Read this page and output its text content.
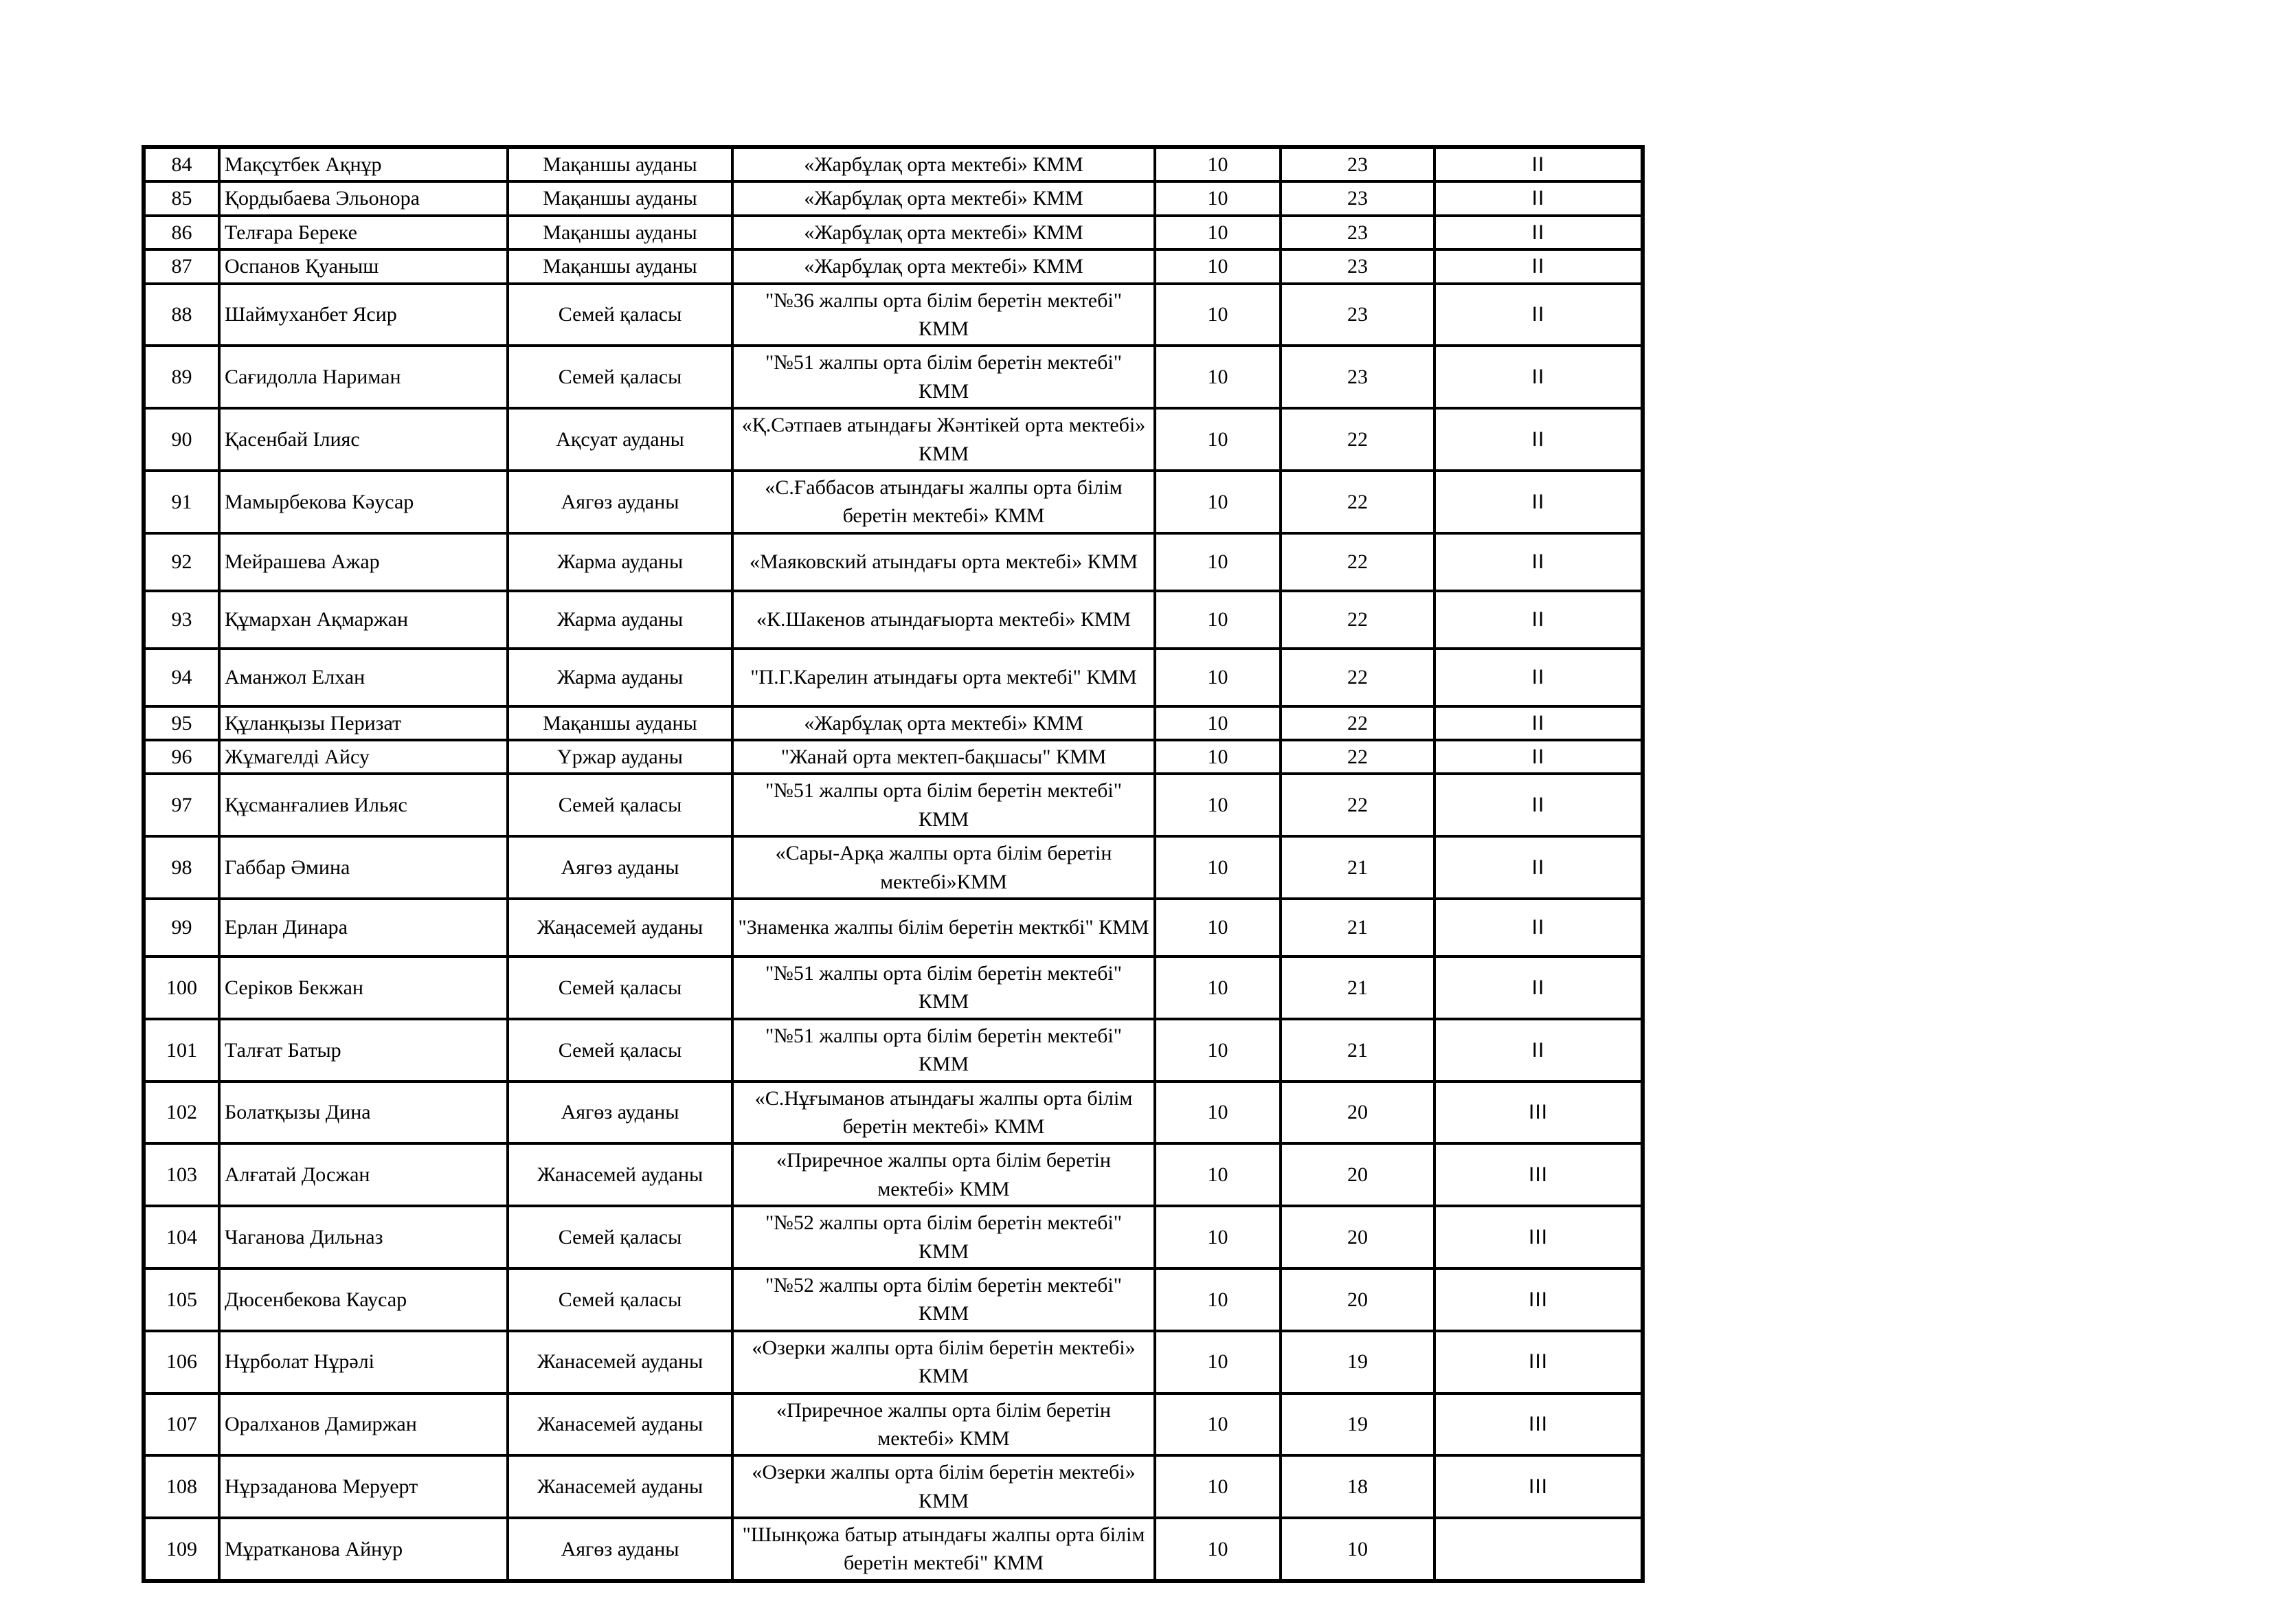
84	Мақсұтбек Ақнұр	Мақаншы ауданы	«Жарбұлақ орта мектебі» КММ	10	23	II
85	Қордыбаева Эльонора	Мақаншы ауданы	«Жарбұлақ орта мектебі» КММ	10	23	II
86	Телғара Береке	Мақаншы ауданы	«Жарбұлақ орта мектебі» КММ	10	23	II
87	Оспанов Қуаныш	Мақаншы ауданы	«Жарбұлақ орта мектебі» КММ	10	23	II
88	Шаймуханбет Ясир	Семей қаласы	"№36 жалпы орта білім беретін мектебі" КММ	10	23	II
89	Сағидолла Нариман	Семей қаласы	"№51 жалпы орта білім беретін мектебі" КММ	10	23	II
90	Қасенбай Ілияс	Ақсуат ауданы	«Қ.Сәтпаев атындағы Жәнтікей орта мектебі» КММ	10	22	II
91	Мамырбекова Кәусар	Аягөз ауданы	«С.Ғаббасов атындағы жалпы орта білім беретін мектебі» КММ	10	22	II
92	Мейрашева Ажар	Жарма ауданы	«Маяковский атындағы орта мектебі» КММ	10	22	II
93	Құмархан Ақмаржан	Жарма ауданы	«К.Шакенов атындағыорта мектебі» КММ	10	22	II
94	Аманжол Елхан	Жарма ауданы	"П.Г.Карелин атындағы орта мектебі" КММ	10	22	II
95	Құланқызы Перизат	Мақаншы ауданы	«Жарбұлақ орта мектебі» КММ	10	22	II
96	Жұмагелді Айсу	Үржар ауданы	"Жанай орта мектеп-бақшасы" КММ	10	22	II
97	Құсманғалиев Ильяс	Семей қаласы	"№51 жалпы орта білім беретін мектебі" КММ	10	22	II
98	Габбар Әмина	Аягөз ауданы	«Сары-Арқа жалпы орта білім беретін мектебі»КММ	10	21	II
99	Ерлан Динара	Жаңасемей ауданы	"Знаменка жалпы білім беретін мекткбі" КММ	10	21	II
100	Серіков Бекжан	Семей қаласы	"№51 жалпы орта білім беретін мектебі" КММ	10	21	II
101	Талғат Батыр	Семей қаласы	"№51 жалпы орта білім беретін мектебі" КММ	10	21	II
102	Болатқызы Дина	Аягөз ауданы	«С.Нұғыманов атындағы жалпы орта білім беретін мектебі» КММ	10	20	III
103	Алғатай Досжан	Жанасемей ауданы	«Приречное жалпы орта білім беретін мектебі» КММ	10	20	III
104	Чаганова Дильназ	Семей қаласы	"№52 жалпы орта білім беретін мектебі" КММ	10	20	III
105	Дюсенбекова Каусар	Семей қаласы	"№52 жалпы орта білім беретін мектебі" КММ	10	20	III
106	Нұрболат Нұрәлі	Жанасемей ауданы	«Озерки жалпы орта білім беретін мектебі» КММ	10	19	III
107	Оралханов Дамиржан	Жанасемей ауданы	«Приречное жалпы орта білім беретін мектебі» КММ	10	19	III
108	Нұрзаданова Меруерт	Жанасемей ауданы	«Озерки жалпы орта білім беретін мектебі» КММ	10	18	III
109	Мұратканова Айнур	Аягөз ауданы	"Шынқожа батыр атындағы жалпы орта білім беретін мектебі" КММ	10	10	
